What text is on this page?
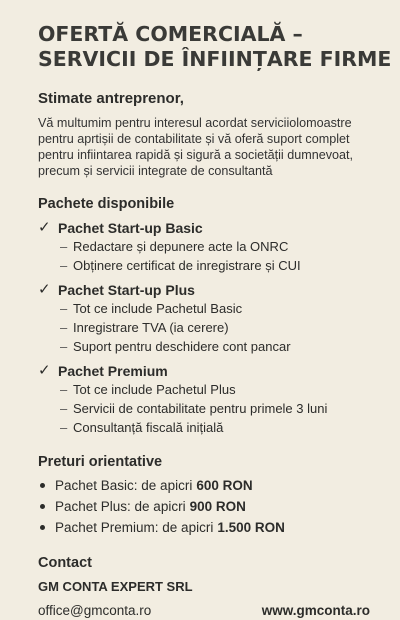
OFERTĂ COMERCIALĂ –
SERVICII DE ÎNFIINȚARE FIRME

Stimate antreprenor,

Vă multumim pentru interesul acordat serviciiolomoastre
pentru aprtișii de contabilitate și vă oferă suport complet
pentru infiintarea rapidă și sigură a societății dumnevoat,
precum și servicii integrate de consultantă

Pachete disponibile
✓ Pachet Start-up Basic
– Redactare și depunere acte la ONRC
– Obținere certificat de inregistrare și CUI
✓ Pachet Start-up Plus
– Tot ce include Pachetul Basic
– Inregistrare TVA (ia cerere)
– Suport pentru deschidere cont pancar
✓ Pachet Premium
– Tot ce include Pachetul Plus
– Servicii de contabilitate pentru primele 3 luni
– Consultanță fiscală inițială
Preturi orientative
Pachet Basic: de apicri 600 RON
Pachet Plus: de apicri 900 RON
Pachet Premium: de apicri 1.500 RON
Contact
GM CONTA EXPERT SRL
office@gmconta.ro	www.gmconta.ro
